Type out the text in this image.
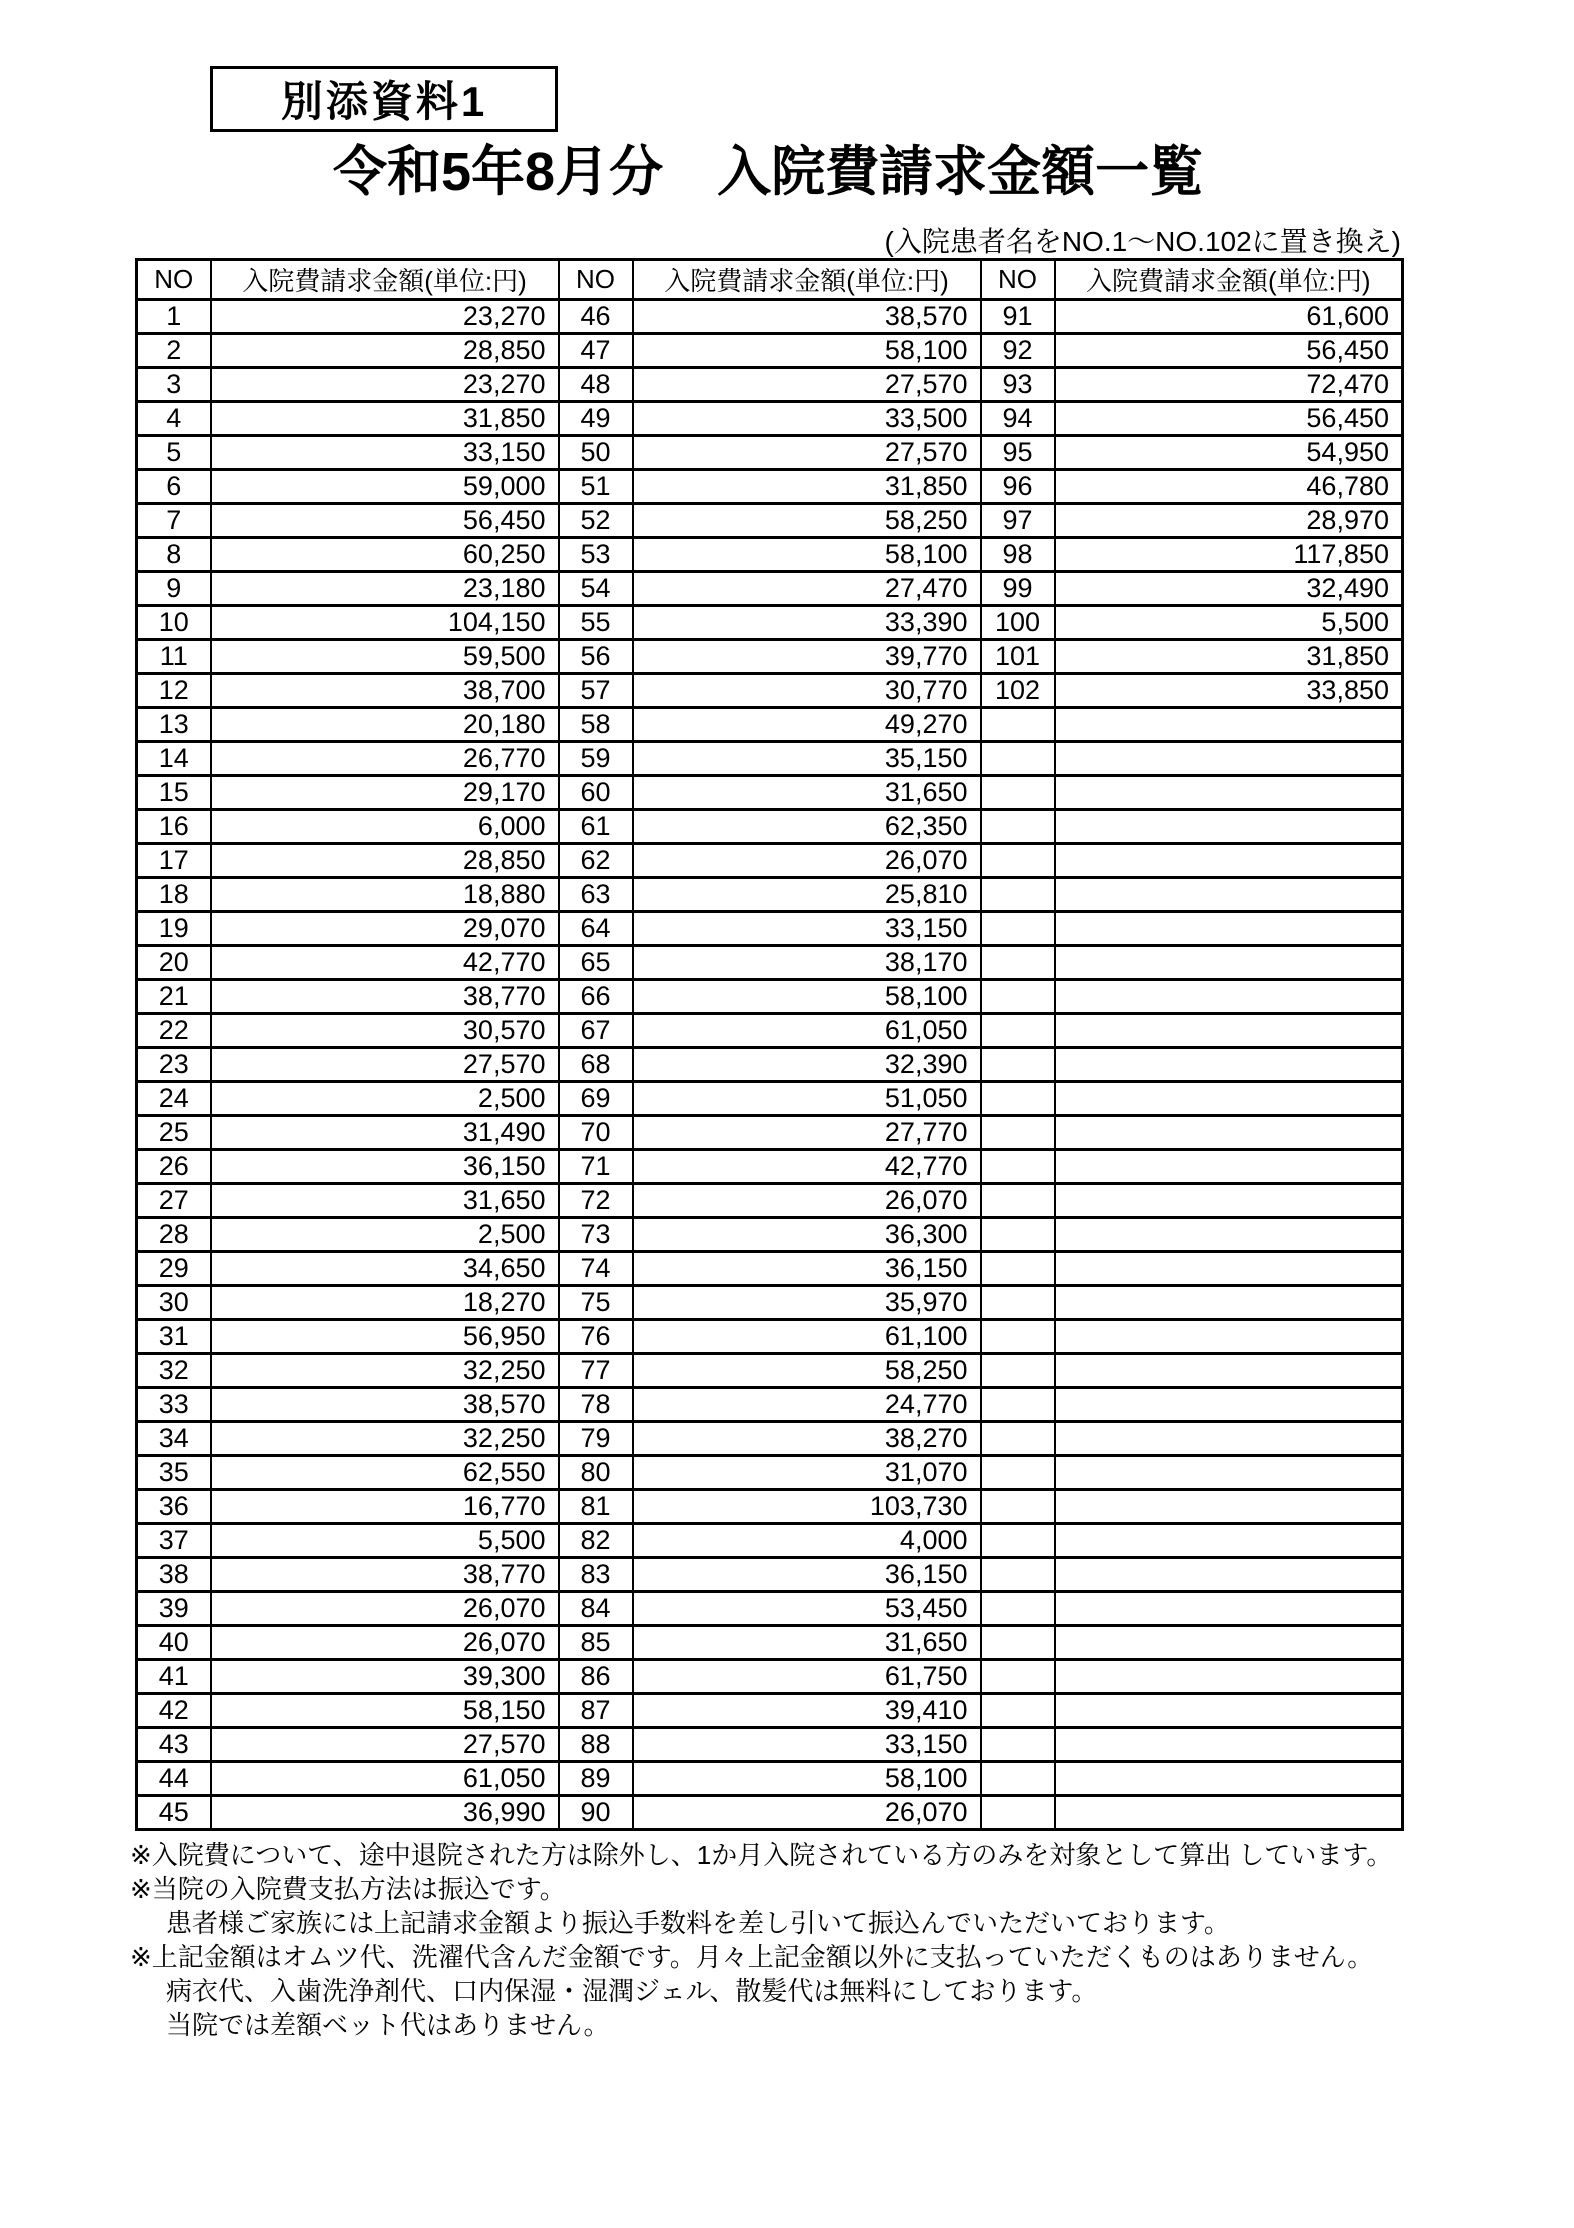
別添資料1
令和5年8月分　入院費請求金額一覧
(入院患者名をNO.1～NO.102に置き換え)
NO	入院費請求金額(単位:円)	NO	入院費請求金額(単位:円)	NO	入院費請求金額(単位:円)
1	23,270	46	38,570	91	61,600
2	28,850	47	58,100	92	56,450
3	23,270	48	27,570	93	72,470
4	31,850	49	33,500	94	56,450
5	33,150	50	27,570	95	54,950
6	59,000	51	31,850	96	46,780
7	56,450	52	58,250	97	28,970
8	60,250	53	58,100	98	117,850
9	23,180	54	27,470	99	32,490
10	104,150	55	33,390	100	5,500
11	59,500	56	39,770	101	31,850
12	38,700	57	30,770	102	33,850
13	20,180	58	49,270		
14	26,770	59	35,150		
15	29,170	60	31,650		
16	6,000	61	62,350		
17	28,850	62	26,070		
18	18,880	63	25,810		
19	29,070	64	33,150		
20	42,770	65	38,170		
21	38,770	66	58,100		
22	30,570	67	61,050		
23	27,570	68	32,390		
24	2,500	69	51,050		
25	31,490	70	27,770		
26	36,150	71	42,770		
27	31,650	72	26,070		
28	2,500	73	36,300		
29	34,650	74	36,150		
30	18,270	75	35,970		
31	56,950	76	61,100		
32	32,250	77	58,250		
33	38,570	78	24,770		
34	32,250	79	38,270		
35	62,550	80	31,070		
36	16,770	81	103,730		
37	5,500	82	4,000		
38	38,770	83	36,150		
39	26,070	84	53,450		
40	26,070	85	31,650		
41	39,300	86	61,750		
42	58,150	87	39,410		
43	27,570	88	33,150		
44	61,050	89	58,100		
45	36,990	90	26,070		
※入院費について、途中退院された方は除外し、1か月入院されている方のみを対象として算出 しています。
※当院の入院費支払方法は振込です。
患者様ご家族には上記請求金額より振込手数料を差し引いて振込んでいただいております。
※上記金額はオムツ代、洗濯代含んだ金額です。月々上記金額以外に支払っていただくものはありません。
病衣代、入歯洗浄剤代、口内保湿・湿潤ジェル、散髪代は無料にしております。
当院では差額ベット代はありません。
